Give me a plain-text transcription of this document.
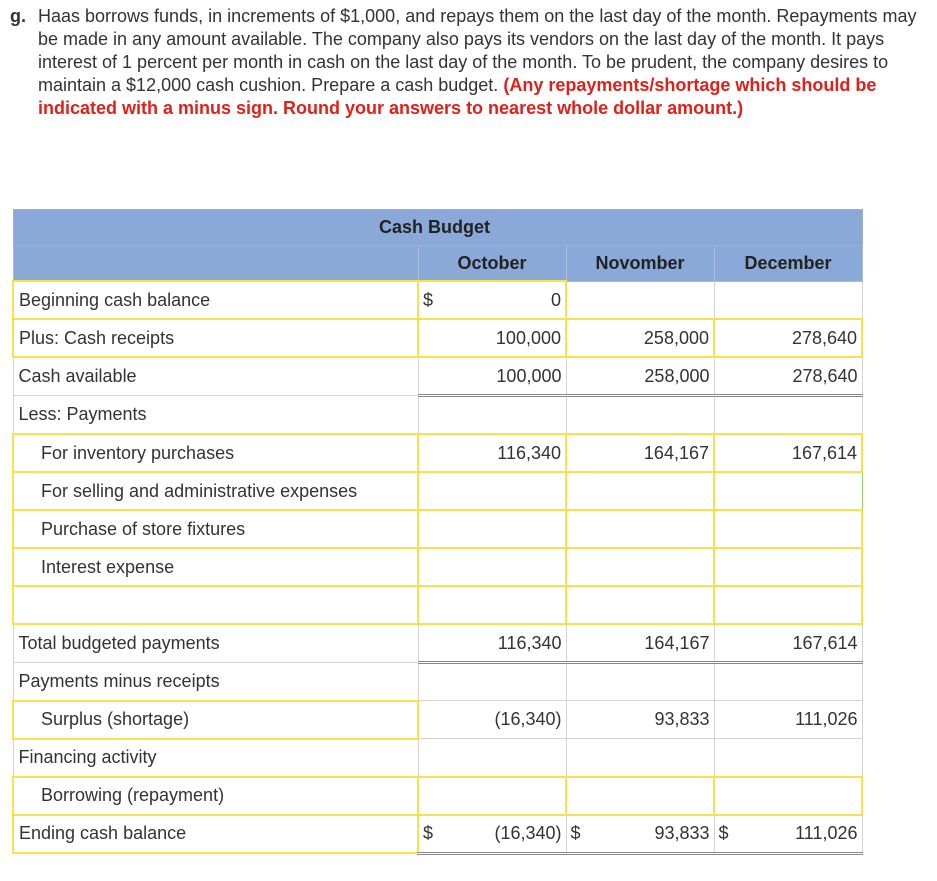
g. Haas borrows funds, in increments of $1,000, and repays them on the last day of the month. Repayments may be made in any amount available. The company also pays its vendors on the last day of the month. It pays interest of 1 percent per month in cash on the last day of the month. To be prudent, the company desires to maintain a $12,000 cash cushion. Prepare a cash budget. (Any repayments/shortage which should be indicated with a minus sign. Round your answers to nearest whole dollar amount.)
Cash Budget			
	October	Novomber	December
Beginning cash balance	$ 0		

Plus: Cash receipts	100,000	258,000	278,640

Cash available	100,000	258,000	278,640

Less: Payments			
For inventory purchases	116,340	164,167	167,614

For selling and administrative expenses			
Purchase of store fixtures			
Interest expense			

Total budgeted payments	116,340	164,167	167,614

Payments minus receipts			
Surplus (shortage)	(16,340)	93,833	111,026

Financing activity			
Borrowing (repayment)			
Ending cash balance	$ (16,340)	$ 93,833	$ 111,026
